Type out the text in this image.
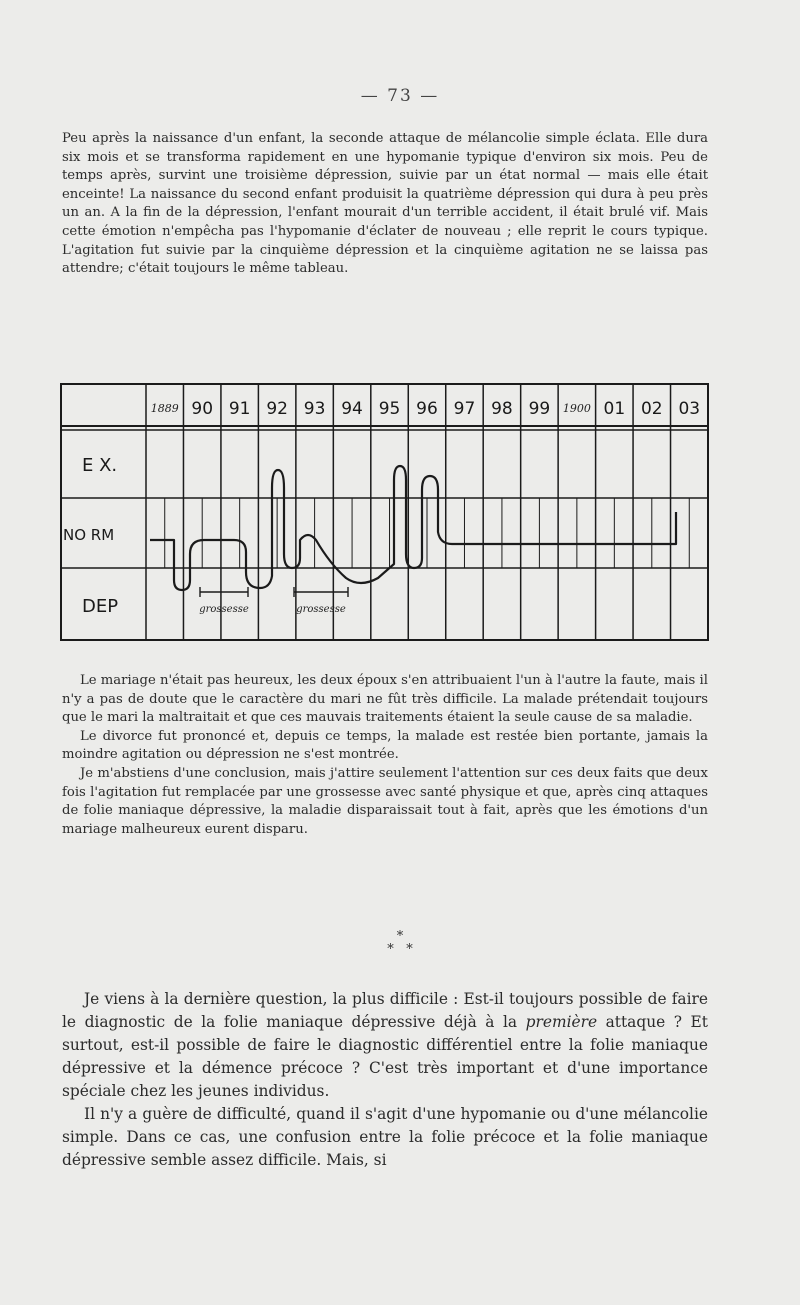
— 73 —

Peu après la naissance d'un enfant, la seconde attaque de mélancolie simple éclata. Elle dura six mois et se transforma rapidement en une hypomanie typique d'environ six mois. Peu de temps après, survint une troisième dépression, suivie par un état normal — mais elle était enceinte! La naissance du second enfant produisit la quatrième dépression qui dura à peu près un an. A la fin de la dépression, l'enfant mourait d'un terrible accident, il était brulé vif. Mais cette émotion n'empêcha pas l'hypomanie d'éclater de nouveau ; elle reprit le cours typique. L'agitation fut suivie par la cinquième dépression et la cinquième agitation ne se laissa pas attendre; c'était toujours le même tableau.

1889 90 91 92 93 94 95 96 97 98 99 1900 01 02 03
E X.
NO RM
DEP	grossesse	grossesse

Le mariage n'était pas heureux, les deux époux s'en attribuaient l'un à l'autre la faute, mais il n'y a pas de doute que le caractère du mari ne fût très difficile. La malade prétendait toujours que le mari la maltraitait et que ces mauvais traitements étaient la seule cause de sa maladie.

Le divorce fut prononcé et, depuis ce temps, la malade est restée bien portante, jamais la moindre agitation ou dépression ne s'est montrée.

Je m'abstiens d'une conclusion, mais j'attire seulement l'attention sur ces deux faits que deux fois l'agitation fut remplacée par une grossesse avec santé physique et que, après cinq attaques de folie maniaque dépressive, la maladie disparaissait tout à fait, après que les émotions d'un mariage malheureux eurent disparu.

*
*   *

Je viens à la dernière question, la plus difficile : Est-il toujours possible de faire le diagnostic de la folie maniaque dépressive déjà à la première attaque ? Et surtout, est-il possible de faire le diagnostic différentiel entre la folie maniaque dépressive et la démence précoce ? C'est très important et d'une importance spéciale chez les jeunes individus.

Il n'y a guère de difficulté, quand il s'agit d'une hypomanie ou d'une mélancolie simple. Dans ce cas, une confusion entre la folie précoce et la folie maniaque dépressive semble assez difficile. Mais, si
